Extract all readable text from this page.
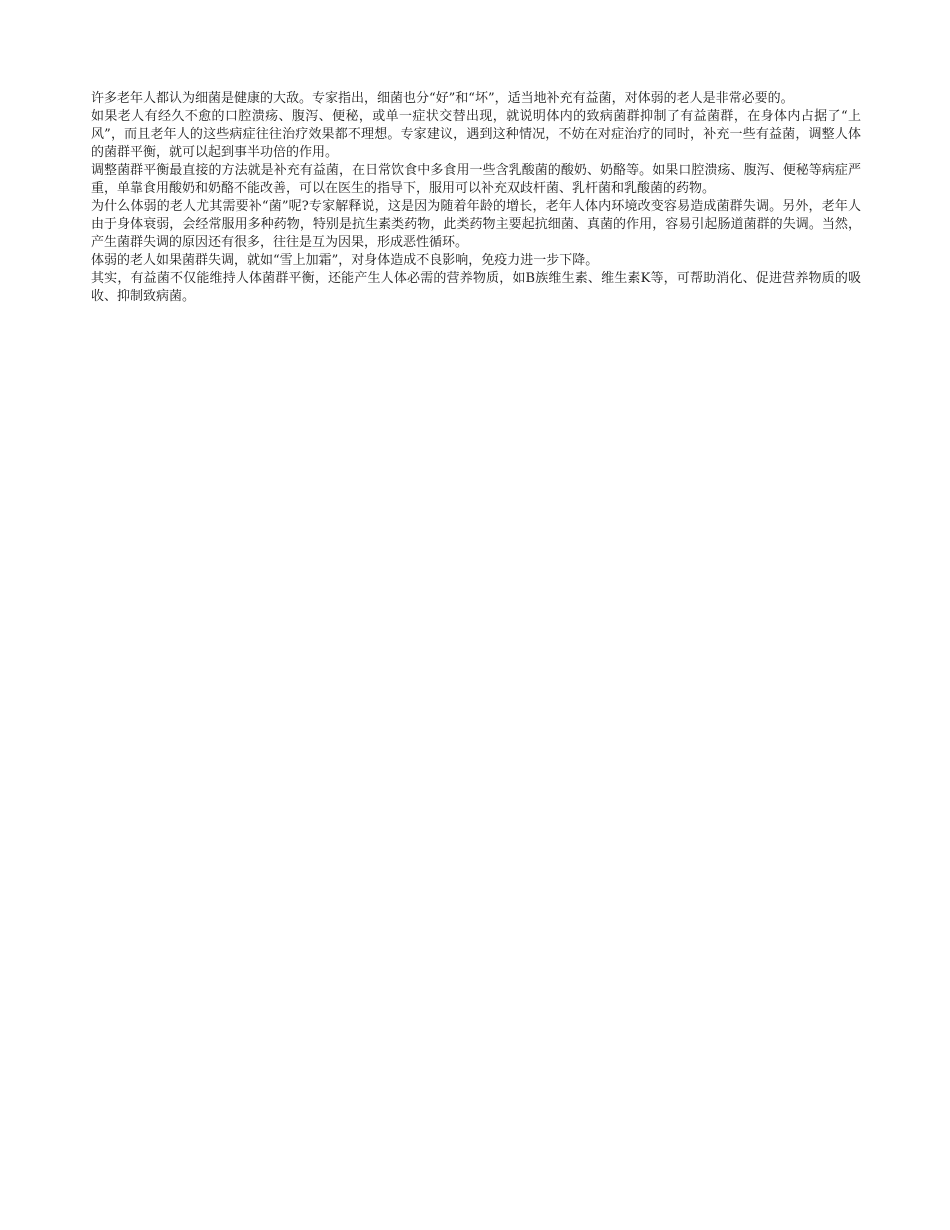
许多老年人都认为细菌是健康的大敌。专家指出，细菌也分“好”和“坏”，适当地补充有益菌，对体弱的老人是非常必要的。

如果老人有经久不愈的口腔溃疡、腹泻、便秘，或单一症状交替出现，就说明体内的致病菌群抑制了有益菌群，在身体内占据了“上风”，而且老年人的这些病症往往治疗效果都不理想。专家建议，遇到这种情况，不妨在对症治疗的同时，补充一些有益菌，调整人体的菌群平衡，就可以起到事半功倍的作用。

调整菌群平衡最直接的方法就是补充有益菌，在日常饮食中多食用一些含乳酸菌的酸奶、奶酪等。如果口腔溃疡、腹泻、便秘等病症严重，单靠食用酸奶和奶酪不能改善，可以在医生的指导下，服用可以补充双歧杆菌、乳杆菌和乳酸菌的药物。

为什么体弱的老人尤其需要补“菌”呢?专家解释说，这是因为随着年龄的增长，老年人体内环境改变容易造成菌群失调。另外，老年人由于身体衰弱，会经常服用多种药物，特别是抗生素类药物，此类药物主要起抗细菌、真菌的作用，容易引起肠道菌群的失调。当然，产生菌群失调的原因还有很多，往往是互为因果，形成恶性循环。

体弱的老人如果菌群失调，就如“雪上加霜”，对身体造成不良影响，免疫力进一步下降。

其实，有益菌不仅能维持人体菌群平衡，还能产生人体必需的营养物质，如B族维生素、维生素K等，可帮助消化、促进营养物质的吸收、抑制致病菌。
